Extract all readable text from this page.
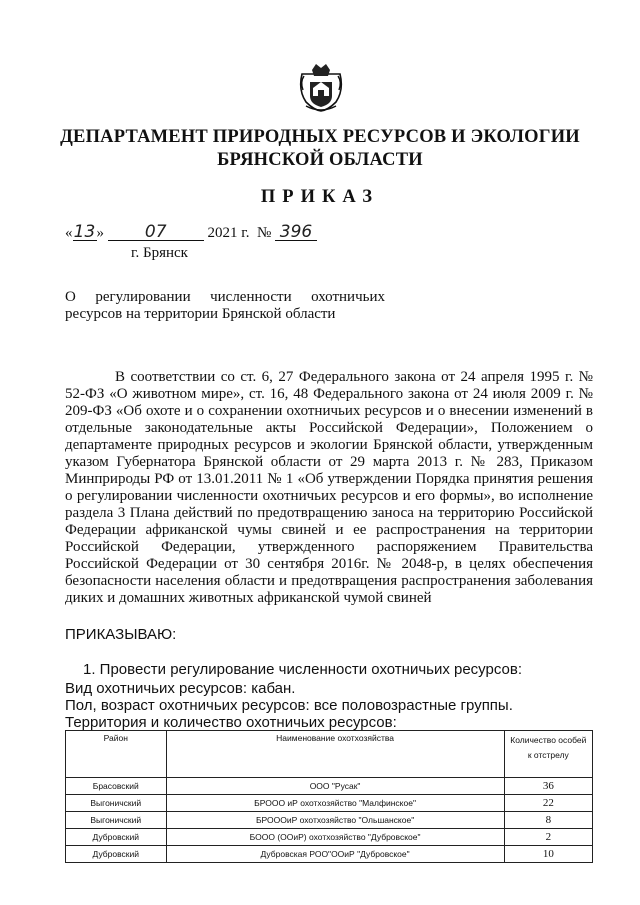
ДЕПАРТАМЕНТ ПРИРОДНЫХ РЕСУРСОВ И ЭКОЛОГИИ
БРЯНСКОЙ ОБЛАСТИ
ПРИКАЗ
«13» 07	2021 г. № 396
г. Брянск
О регулировании численности охотничьих
ресурсов на территории Брянской области
В соответствии со ст. 6, 27 Федерального закона от 24 апреля 1995 г. № 52-ФЗ «О животном мире», ст. 16, 48 Федерального закона от 24 июля 2009 г. № 209-ФЗ «Об охоте и о сохранении охотничьих ресурсов и о внесении изменений в отдельные законодательные акты Российской Федерации», Положением о департаменте природных ресурсов и экологии Брянской области, утвержденным указом Губернатора Брянской области от 29 марта 2013 г. № 283, Приказом Минприроды РФ от 13.01.2011 № 1 «Об утверждении Порядка принятия решения о регулировании численности охотничьих ресурсов и его формы», во исполнение раздела 3 Плана действий по предотвращению заноса на территорию Российской Федерации африканской чумы свиней и ее распространения на территории Российской Федерации, утвержденного распоряжением Правительства Российской Федерации от 30 сентября 2016г. № 2048-р, в целях обеспечения безопасности населения области и предотвращения распространения заболевания диких и домашних животных африканской чумой свиней
ПРИКАЗЫВАЮ:
1. Провести регулирование численности охотничьих ресурсов:
Вид охотничьих ресурсов: кабан.
Пол, возраст охотничьих ресурсов: все половозрастные группы.
Территория и количество охотничьих ресурсов:
Район	Наименование охотхозяйства	Количество особей к отстрелу
Брасовский	ООО "Русак"	36
Выгоничский	БРООО иР охотхозяйство "Малфинское"	22
Выгоничский	БРОООиР охотхозяйство "Ольшанское"	8
Дубровский	БООО (ООиР) охотхозяйство "Дубровское"	2
Дубровский	Дубровская РОО"ООиР "Дубровское"	10
